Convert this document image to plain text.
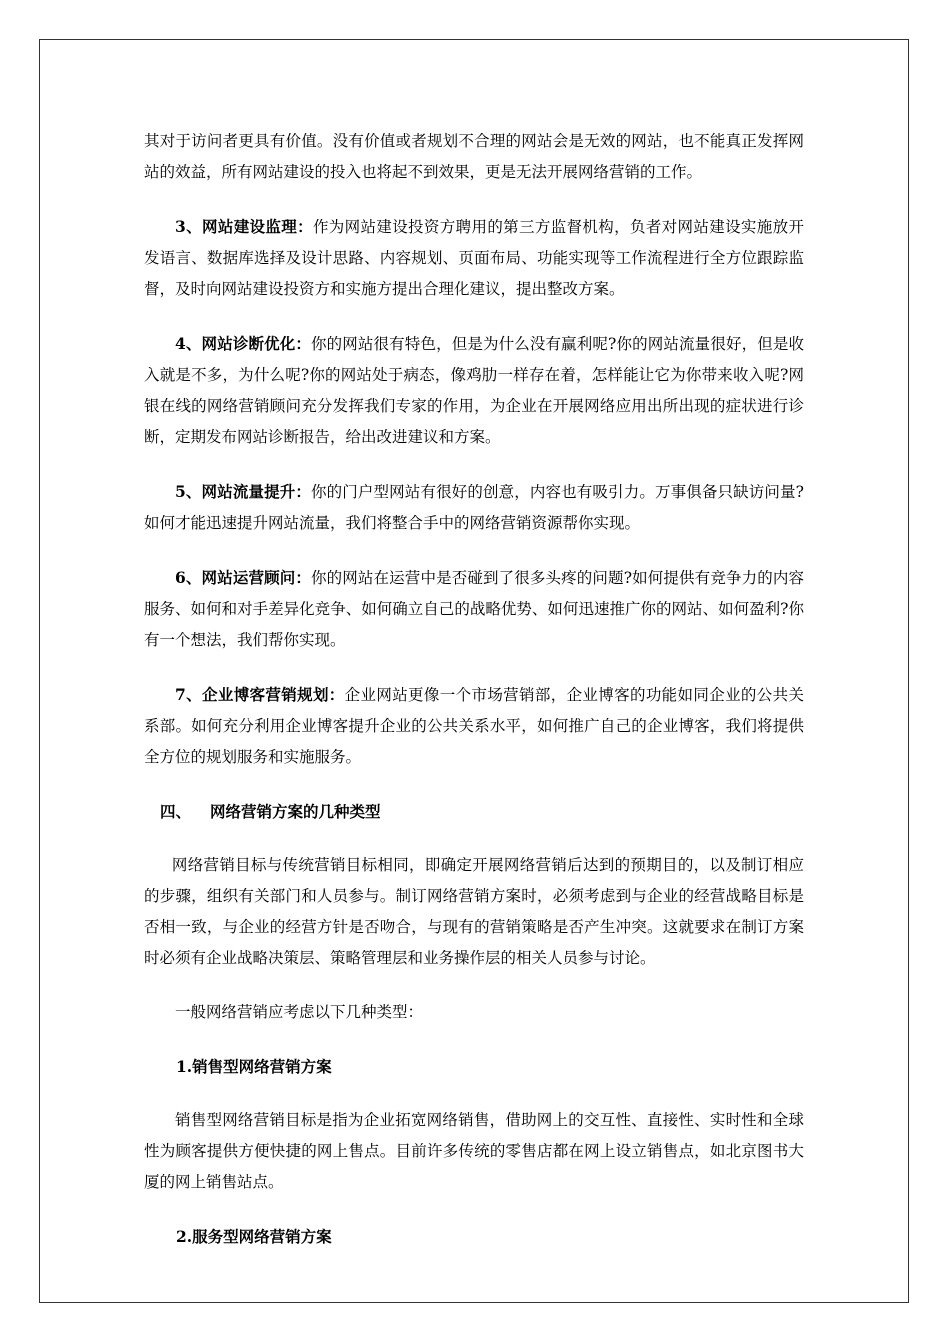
其对于访问者更具有价值。没有价值或者规划不合理的网站会是无效的网站，也不能真正发挥网站的效益，所有网站建设的投入也将起不到效果，更是无法开展网络营销的工作。

3、网站建设监理：作为网站建设投资方聘用的第三方监督机构，负者对网站建设实施放开发语言、数据库选择及设计思路、内容规划、页面布局、功能实现等工作流程进行全方位跟踪监督，及时向网站建设投资方和实施方提出合理化建议，提出整改方案。

4、网站诊断优化：你的网站很有特色，但是为什么没有赢利呢?你的网站流量很好，但是收入就是不多，为什么呢?你的网站处于病态，像鸡肋一样存在着，怎样能让它为你带来收入呢?网银在线的网络营销顾问充分发挥我们专家的作用，为企业在开展网络应用出所出现的症状进行诊断，定期发布网站诊断报告，给出改进建议和方案。

5、网站流量提升：你的门户型网站有很好的创意，内容也有吸引力。万事俱备只缺访问量?如何才能迅速提升网站流量，我们将整合手中的网络营销资源帮你实现。

6、网站运营顾问：你的网站在运营中是否碰到了很多头疼的问题?如何提供有竞争力的内容服务、如何和对手差异化竞争、如何确立自己的战略优势、如何迅速推广你的网站、如何盈利?你有一个想法，我们帮你实现。

7、企业博客营销规划：企业网站更像一个市场营销部，企业博客的功能如同企业的公共关系部。如何充分利用企业博客提升企业的公共关系水平，如何推广自己的企业博客，我们将提供全方位的规划服务和实施服务。

四、 网络营销方案的几种类型

网络营销目标与传统营销目标相同，即确定开展网络营销后达到的预期目的，以及制订相应的步骤，组织有关部门和人员参与。制订网络营销方案时，必须考虑到与企业的经营战略目标是否相一致，与企业的经营方针是否吻合，与现有的营销策略是否产生冲突。这就要求在制订方案时必须有企业战略决策层、策略管理层和业务操作层的相关人员参与讨论。

一般网络营销应考虑以下几种类型：

1.销售型网络营销方案

销售型网络营销目标是指为企业拓宽网络销售，借助网上的交互性、直接性、实时性和全球性为顾客提供方便快捷的网上售点。目前许多传统的零售店都在网上设立销售点，如北京图书大厦的网上销售站点。

2.服务型网络营销方案
